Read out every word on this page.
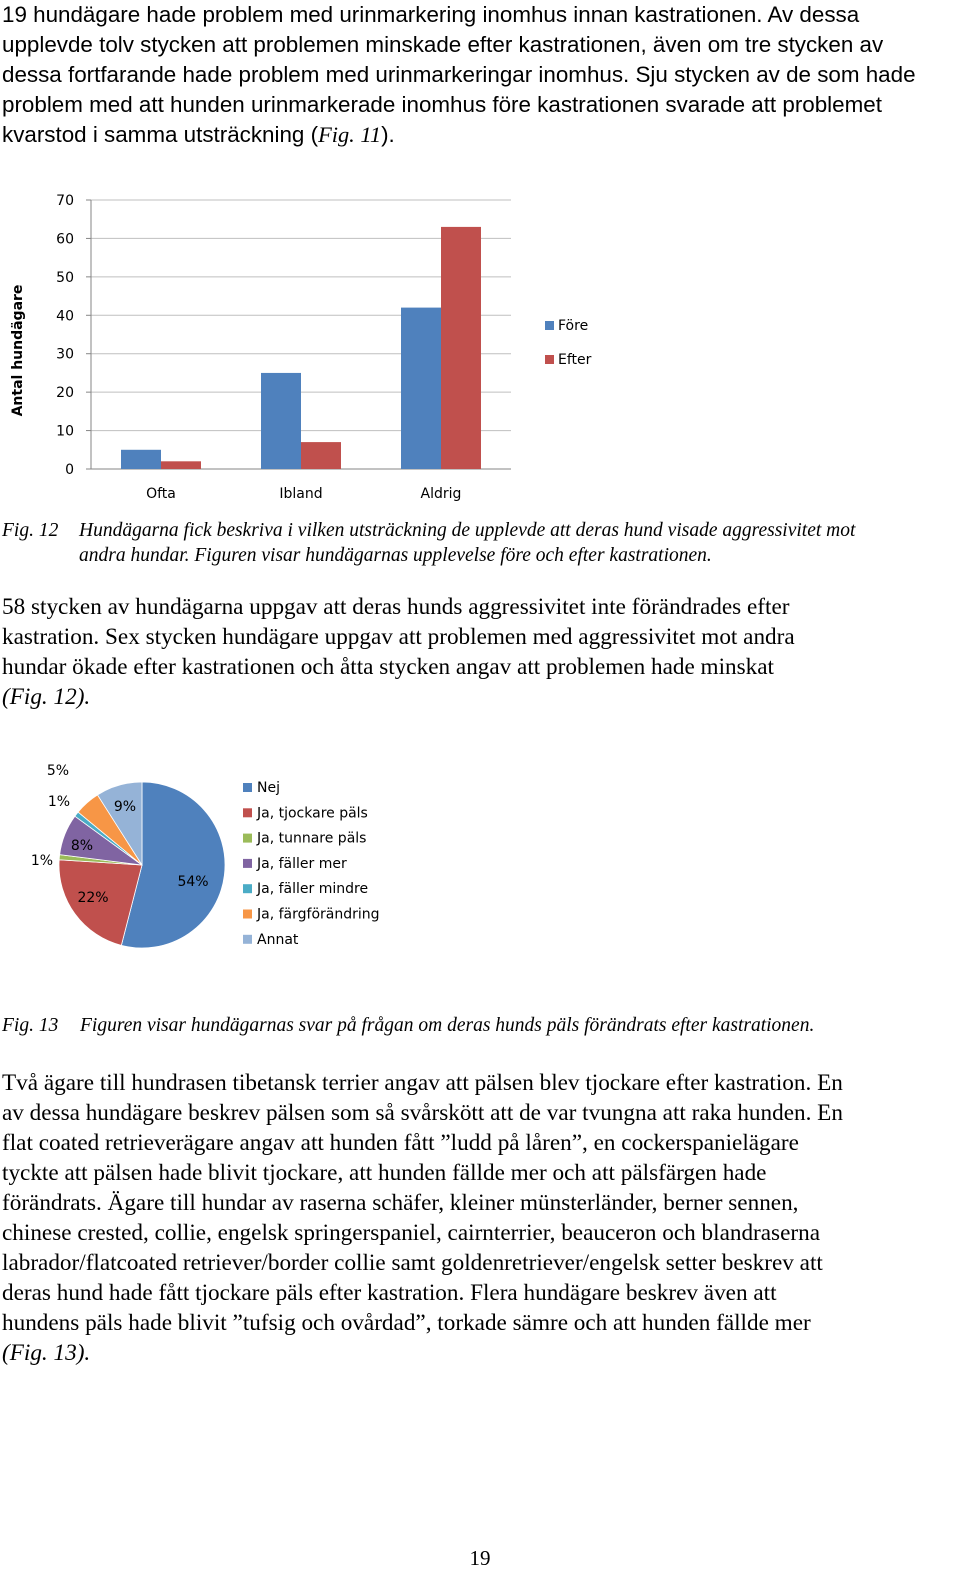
19 hundägare hade problem med urinmarkering inomhus innan kastrationen. Av dessa
upplevde tolv stycken att problemen minskade efter kastrationen, även om tre stycken av
dessa fortfarande hade problem med urinmarkeringar inomhus. Sju stycken av de som hade
problem med att hunden urinmarkerade inomhus före kastrationen svarade att problemet
kvarstod i samma utsträckning (Fig. 11).
0
10
20
30
40
50
60
70
Antal hundägare
Ofta	Ibland	Aldrig
Före
Efter
Fig. 12 Hundägarna fick beskriva i vilken utsträckning de upplevde att deras hund visade aggressivitet mot
andra hundar. Figuren visar hundägarnas upplevelse före och efter kastrationen.
58 stycken av hundägarna uppgav att deras hunds aggressivitet inte förändrades efter
kastration. Sex stycken hundägare uppgav att problemen med aggressivitet mot andra
hundar ökade efter kastrationen och åtta stycken angav att problemen hade minskat
(Fig. 12).
54%
22%
1%
8%
1%
5%
9%
Nej
Ja, tjockare päls
Ja, tunnare päls
Ja, fäller mer
Ja, fäller mindre
Ja, färgförändring
Annat
Fig. 13 Figuren visar hundägarnas svar på frågan om deras hunds päls förändrats efter kastrationen.
Två ägare till hundrasen tibetansk terrier angav att pälsen blev tjockare efter kastration. En
av dessa hundägare beskrev pälsen som så svårskött att de var tvungna att raka hunden. En
flat coated retrieverägare angav att hunden fått ”ludd på låren”, en cockerspanielägare
tyckte att pälsen hade blivit tjockare, att hunden fällde mer och att pälsfärgen hade
förändrats. Ägare till hundar av raserna schäfer, kleiner münsterländer, berner sennen,
chinese crested, collie, engelsk springerspaniel, cairnterrier, beauceron och blandraserna
labrador/flatcoated retriever/border collie samt goldenretriever/engelsk setter beskrev att
deras hund hade fått tjockare päls efter kastration. Flera hundägare beskrev även att
hundens päls hade blivit ”tufsig och ovårdad”, torkade sämre och att hunden fällde mer
(Fig. 13).
19
